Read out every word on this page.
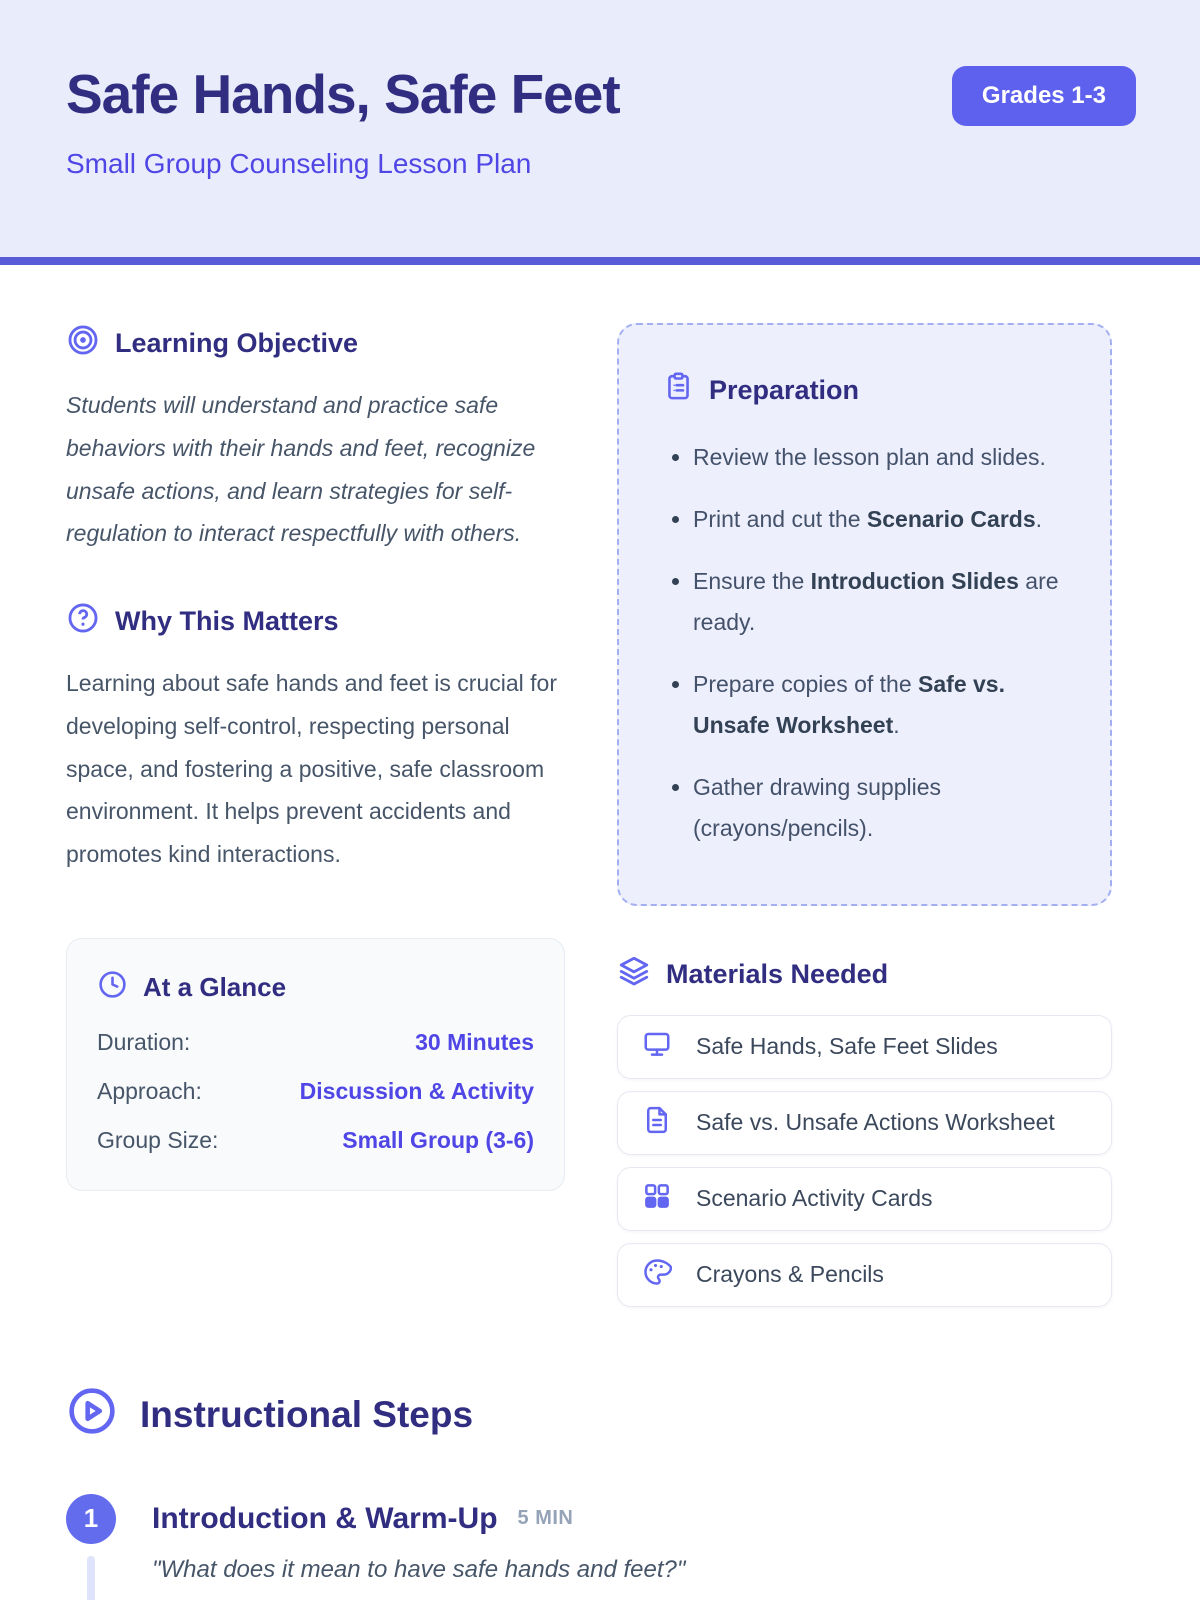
Safe Hands, Safe Feet
Small Group Counseling Lesson Plan
Grades 1-3
Learning Objective

Students will understand and practice safe behaviors with their hands and feet, recognize unsafe actions, and learn strategies for self-regulation to interact respectfully with others.

Why This Matters

Learning about safe hands and feet is crucial for developing self-control, respecting personal space, and fostering a positive, safe classroom environment. It helps prevent accidents and promotes kind interactions.

At a Glance
Duration:	30 Minutes
Approach:	Discussion & Activity
Group Size:	Small Group (3-6)
Preparation
• Review the lesson plan and slides.
• Print and cut the Scenario Cards.
• Ensure the Introduction Slides are ready.
• Prepare copies of the Safe vs. Unsafe Worksheet.
• Gather drawing supplies (crayons/pencils).
Materials Needed
Safe Hands, Safe Feet Slides
Safe vs. Unsafe Actions Worksheet
Scenario Activity Cards
Crayons & Pencils
Instructional Steps
1	Introduction & Warm-Up 5 MIN
"What does it mean to have safe hands and feet?"
